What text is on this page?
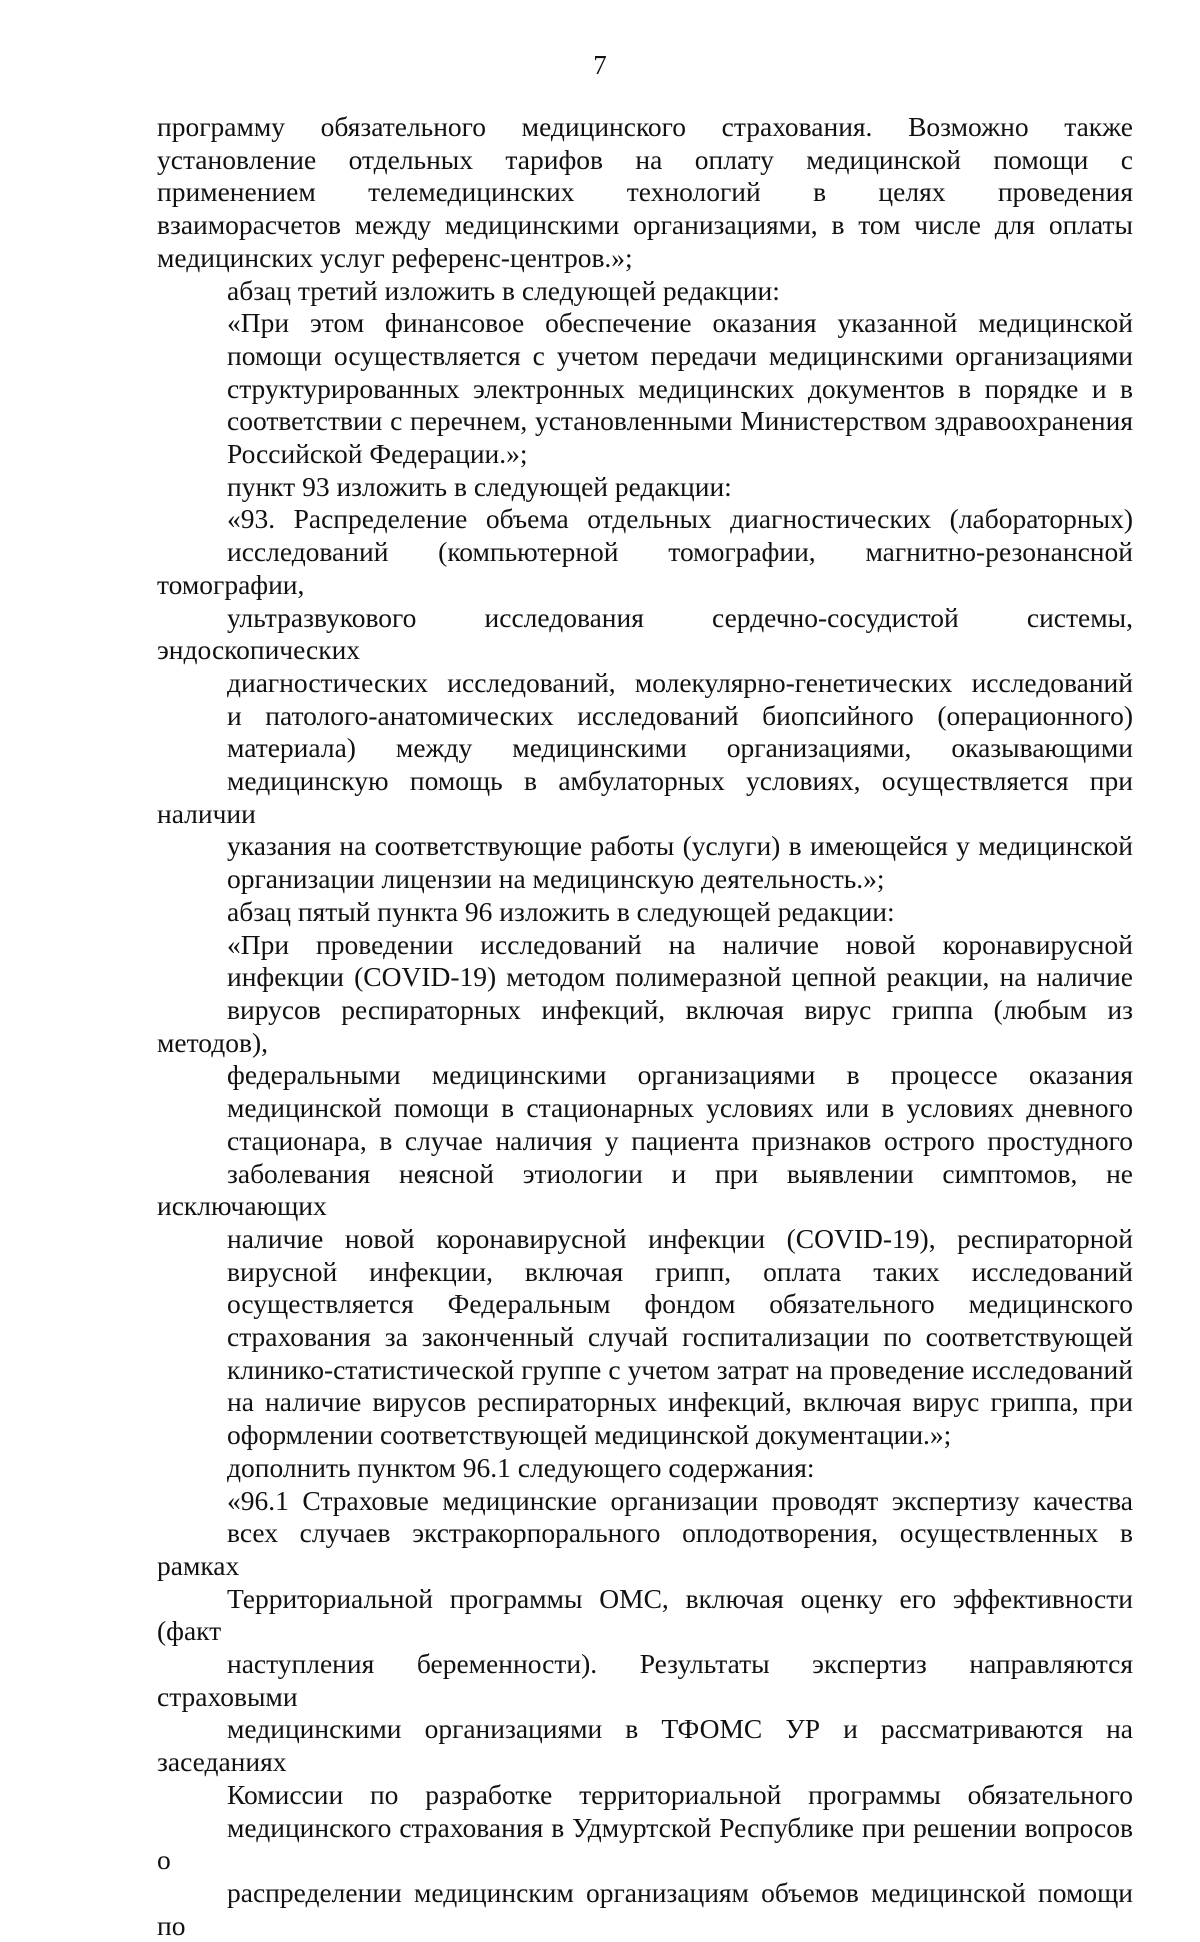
7
программу обязательного медицинского страхования. Возможно также
установление отдельных тарифов на оплату медицинской помощи с
применением телемедицинских технологий в целях проведения
взаиморасчетов между медицинскими организациями, в том числе для оплаты
медицинских услуг референс-центров.»;
абзац третий изложить в следующей редакции:
«При этом финансовое обеспечение оказания указанной медицинской
помощи осуществляется с учетом передачи медицинскими организациями
структурированных электронных медицинских документов в порядке и в
соответствии с перечнем, установленными Министерством здравоохранения
Российской Федерации.»;
пункт 93 изложить в следующей редакции:
«93. Распределение объема отдельных диагностических (лабораторных)
исследований (компьютерной томографии, магнитно-резонансной томографии,
ультразвукового исследования сердечно-сосудистой системы, эндоскопических
диагностических исследований, молекулярно-генетических исследований
и патолого-анатомических исследований биопсийного (операционного)
материала) между медицинскими организациями, оказывающими
медицинскую помощь в амбулаторных условиях, осуществляется при наличии
указания на соответствующие работы (услуги) в имеющейся у медицинской
организации лицензии на медицинскую деятельность.»;
абзац пятый пункта 96 изложить в следующей редакции:
«При проведении исследований на наличие новой коронавирусной
инфекции (COVID-19) методом полимеразной цепной реакции, на наличие
вирусов респираторных инфекций, включая вирус гриппа (любым из методов),
федеральными медицинскими организациями в процессе оказания
медицинской помощи в стационарных условиях или в условиях дневного
стационара, в случае наличия у пациента признаков острого простудного
заболевания неясной этиологии и при выявлении симптомов, не исключающих
наличие новой коронавирусной инфекции (COVID-19), респираторной
вирусной инфекции, включая грипп, оплата таких исследований
осуществляется Федеральным фондом обязательного медицинского
страхования за законченный случай госпитализации по соответствующей
клинико-статистической группе с учетом затрат на проведение исследований
на наличие вирусов респираторных инфекций, включая вирус гриппа, при
оформлении соответствующей медицинской документации.»;
дополнить пунктом 96.1 следующего содержания:
«96.1 Страховые медицинские организации проводят экспертизу качества
всех случаев экстракорпорального оплодотворения, осуществленных в рамках
Территориальной программы ОМС, включая оценку его эффективности (факт
наступления беременности). Результаты экспертиз направляются страховыми
медицинскими организациями в ТФОМС УР и рассматриваются на заседаниях
Комиссии по разработке территориальной программы обязательного
медицинского страхования в Удмуртской Республике при решении вопросов о
распределении медицинским организациям объемов медицинской помощи по
